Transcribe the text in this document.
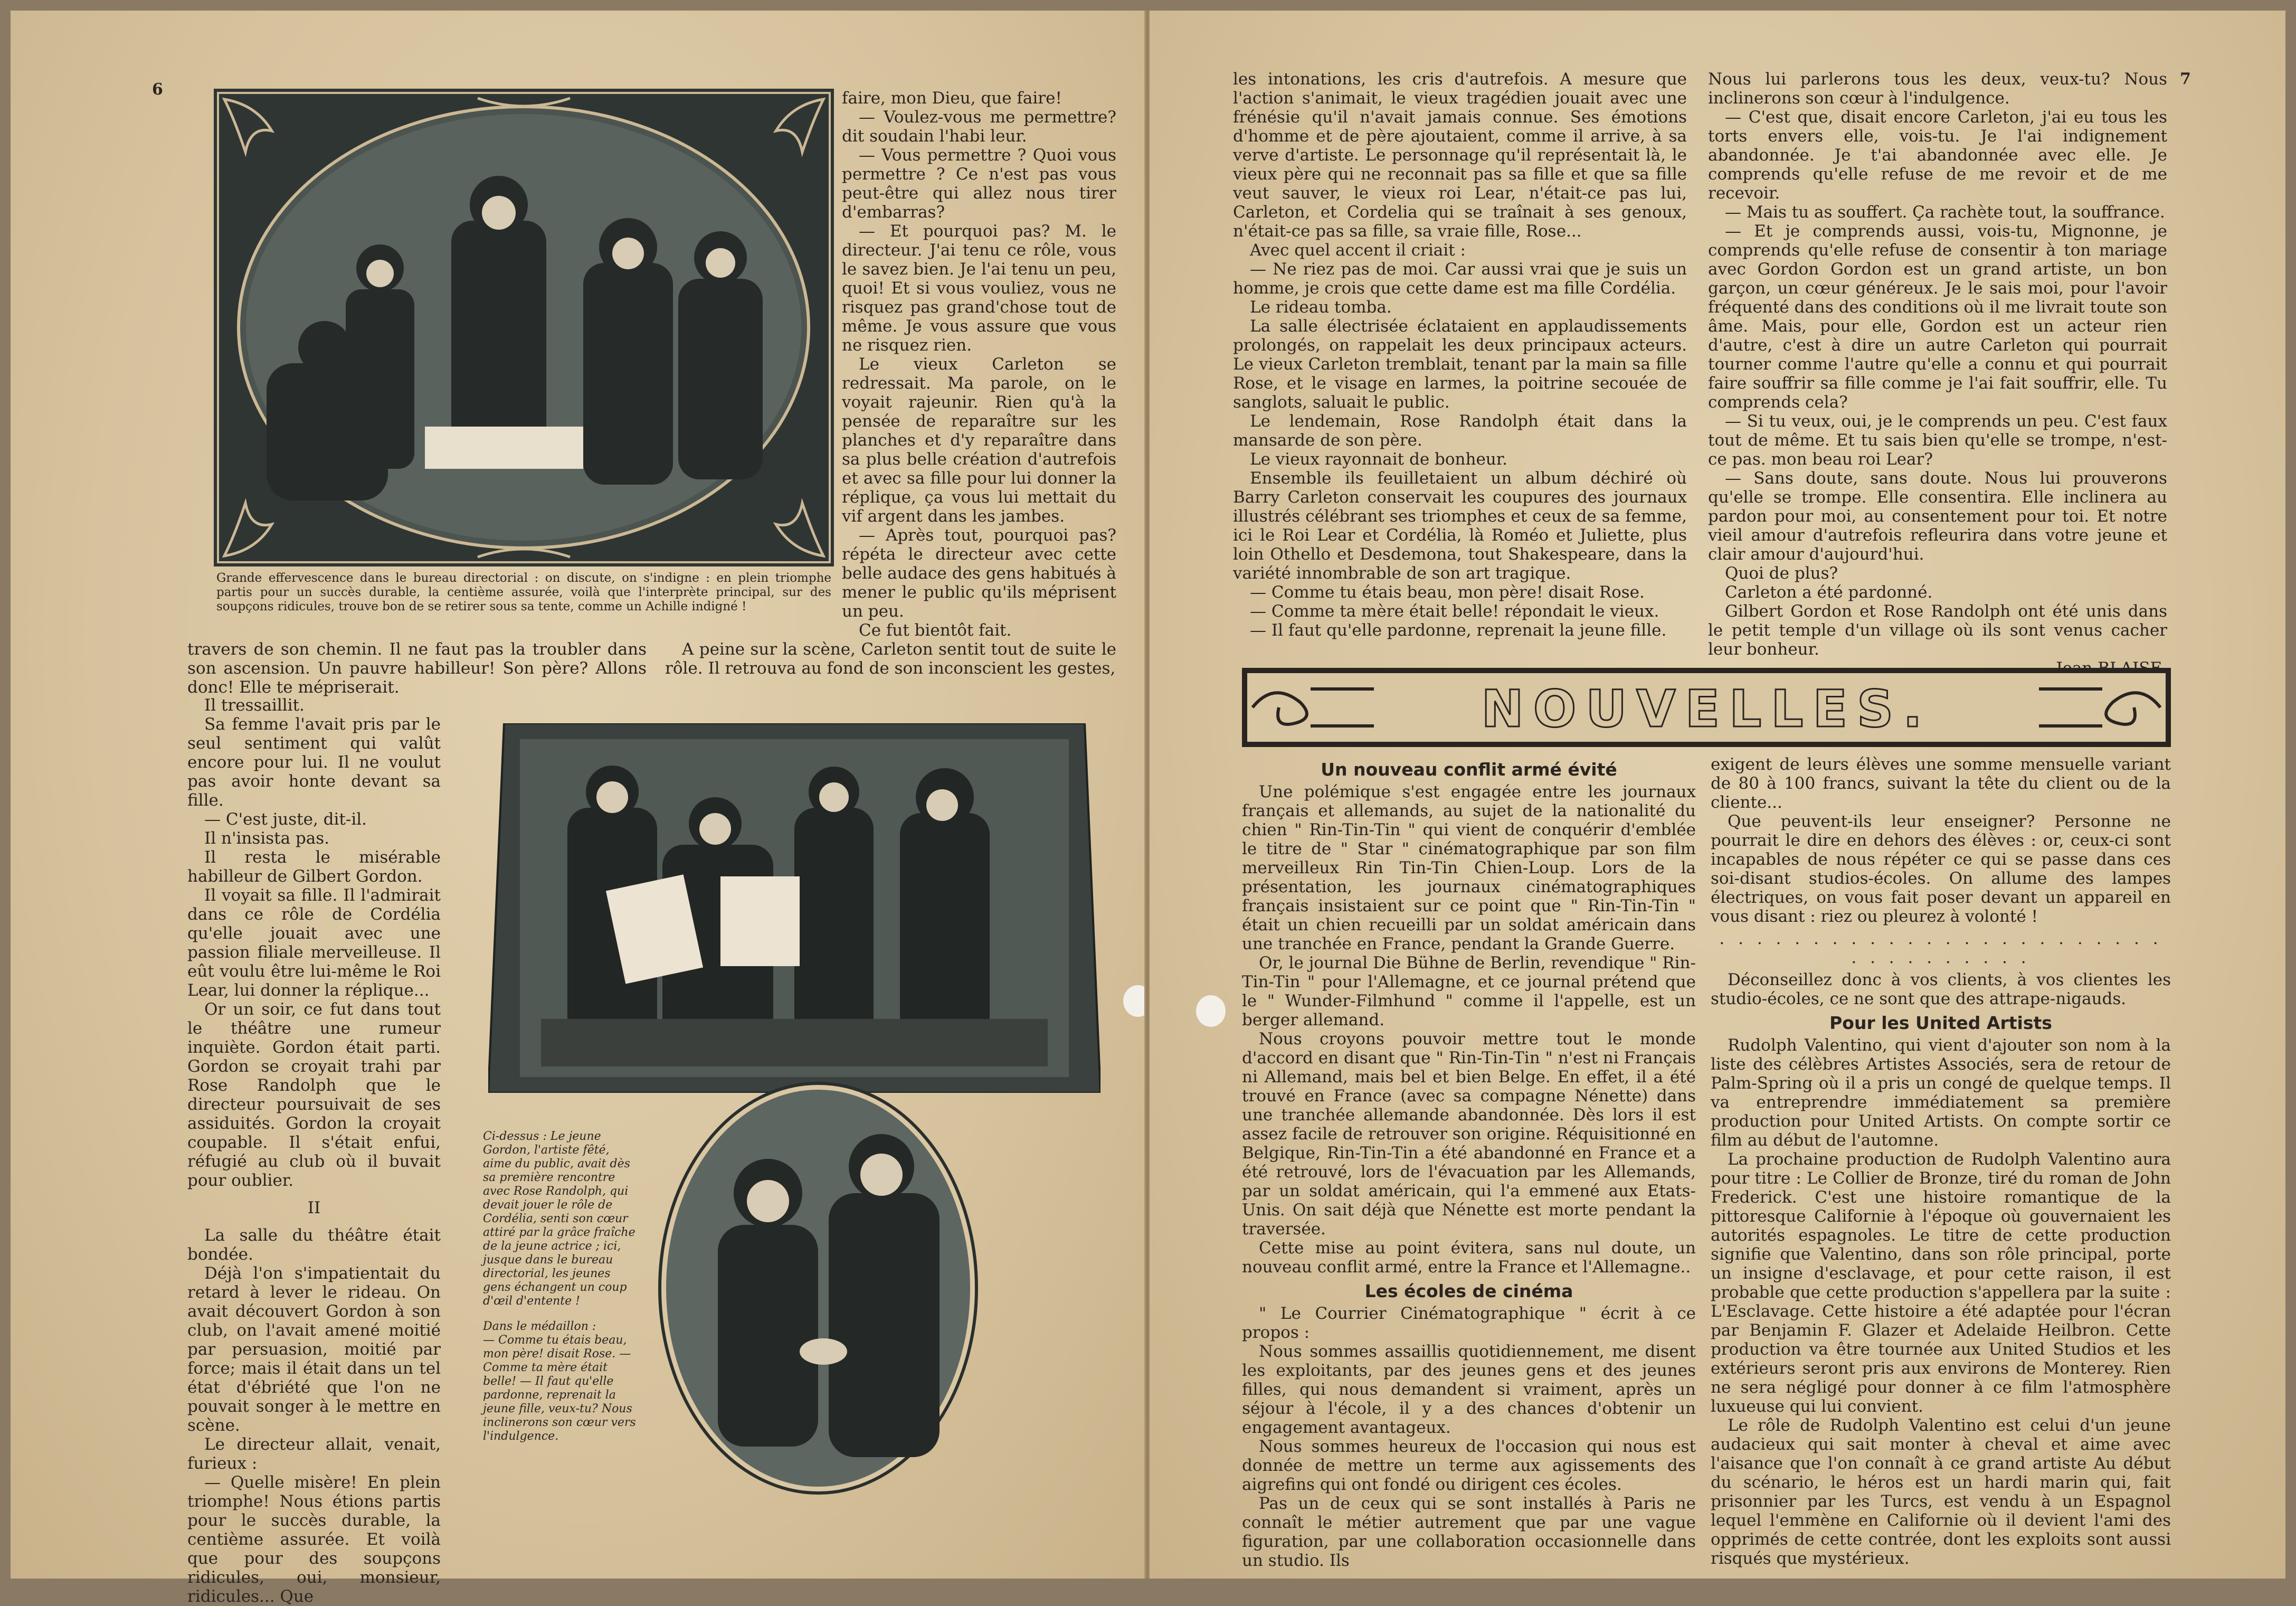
6
Grande effervescence dans le bureau directorial : on discute, on s'indigne : en plein triomphe partis pour un succès durable, la centième assurée, voilà que l'interprète principal, sur des soupçons ridicules, trouve bon de se retirer sous sa tente, comme un Achille indigné !

faire, mon Dieu, que faire!

— Voulez-vous me permettre? dit soudain l'habi leur.

— Vous permettre ? Quoi vous permettre ? Ce n'est pas vous peut-être qui allez nous tirer d'embarras?

— Et pourquoi pas? M. le directeur. J'ai tenu ce rôle, vous le savez bien. Je l'ai tenu un peu, quoi! Et si vous vouliez, vous ne risquez pas grand'chose tout de même. Je vous assure que vous ne risquez rien.

Le vieux Carleton se redressait. Ma parole, on le voyait rajeunir. Rien qu'à la pensée de reparaître sur les planches et d'y reparaître dans sa plus belle création d'autrefois et avec sa fille pour lui donner la réplique, ça vous lui mettait du vif argent dans les jambes.

— Après tout, pourquoi pas? répéta le directeur avec cette belle audace des gens habitués à mener le public qu'ils méprisent un peu.

Ce fut bientôt fait.

A peine sur la scène, Carleton sentit tout de suite le rôle. Il retrouva au fond de son inconscient les gestes,

travers de son chemin. Il ne faut pas la troubler dans son ascension. Un pauvre habilleur! Son père? Allons donc! Elle te mépriserait.

Il tressaillit.

Sa femme l'avait pris par le seul sentiment qui valût encore pour lui. Il ne voulut pas avoir honte devant sa fille.

— C'est juste, dit-il.

Il n'insista pas.

Il resta le misérable habilleur de Gilbert Gordon.

Il voyait sa fille. Il l'admirait dans ce rôle de Cordélia qu'elle jouait avec une passion filiale merveilleuse. Il eût voulu être lui-même le Roi Lear, lui donner la réplique...

Or un soir, ce fut dans tout le théâtre une rumeur inquiète. Gordon était parti. Gordon se croyait trahi par Rose Randolph que le directeur poursuivait de ses assiduités. Gordon la croyait coupable. Il s'était enfui, réfugié au club où il buvait pour oublier.

II

La salle du théâtre était bondée.

Déjà l'on s'impatientait du retard à lever le rideau. On avait découvert Gordon à son club, on l'avait amené moitié par persuasion, moitié par force; mais il était dans un tel état d'ébriété que l'on ne pouvait songer à le mettre en scène.

Le directeur allait, venait, furieux :

— Quelle misère! En plein triomphe! Nous étions partis pour le succès durable, la centième assurée. Et voilà que pour des soupçons ridicules, oui, monsieur, ridicules... Que

Ci-dessus : Le jeune Gordon, l'artiste fêté, aime du public, avait dès sa première rencontre avec Rose Randolph, qui devait jouer le rôle de Cordélia, senti son cœur attiré par la grâce fraîche de la jeune actrice ; ici, jusque dans le bureau directorial, les jeunes gens échangent un coup d'œil d'entente !

Dans le médaillon :

— Comme tu étais beau, mon père! disait Rose. — Comme ta mère était belle! — Il faut qu'elle pardonne, reprenait la jeune fille, veux-tu? Nous inclinerons son cœur vers l'indulgence.

7

les intonations, les cris d'autrefois. A mesure que l'action s'animait, le vieux tragédien jouait avec une frénésie qu'il n'avait jamais connue. Ses émotions d'homme et de père ajoutaient, comme il arrive, à sa verve d'artiste. Le personnage qu'il représentait là, le vieux père qui ne reconnait pas sa fille et que sa fille veut sauver, le vieux roi Lear, n'était-ce pas lui, Carleton, et Cordelia qui se traînait à ses genoux, n'était-ce pas sa fille, sa vraie fille, Rose...

Avec quel accent il criait :

— Ne riez pas de moi. Car aussi vrai que je suis un homme, je crois que cette dame est ma fille Cordélia.

Le rideau tomba.

La salle électrisée éclataient en applaudissements prolongés, on rappelait les deux principaux acteurs. Le vieux Carleton tremblait, tenant par la main sa fille Rose, et le visage en larmes, la poitrine secouée de sanglots, saluait le public.

Le lendemain, Rose Randolph était dans la mansarde de son père.

Le vieux rayonnait de bonheur.

Ensemble ils feuilletaient un album déchiré où Barry Carleton conservait les coupures des journaux illustrés célébrant ses triomphes et ceux de sa femme, ici le Roi Lear et Cordélia, là Roméo et Juliette, plus loin Othello et Desdemona, tout Shakespeare, dans la variété innombrable de son art tragique.

— Comme tu étais beau, mon père! disait Rose.

— Comme ta mère était belle! répondait le vieux.

— Il faut qu'elle pardonne, reprenait la jeune fille.

Nous lui parlerons tous les deux, veux-tu? Nous inclinerons son cœur à l'indulgence.

— C'est que, disait encore Carleton, j'ai eu tous les torts envers elle, vois-tu. Je l'ai indignement abandonnée. Je t'ai abandonnée avec elle. Je comprends qu'elle refuse de me revoir et de me recevoir.

— Mais tu as souffert. Ça rachète tout, la souffrance.

— Et je comprends aussi, vois-tu, Mignonne, je comprends qu'elle refuse de consentir à ton mariage avec Gordon Gordon est un grand artiste, un bon garçon, un cœur généreux. Je le sais moi, pour l'avoir fréquenté dans des conditions où il me livrait toute son âme. Mais, pour elle, Gordon est un acteur rien d'autre, c'est à dire un autre Carleton qui pourrait tourner comme l'autre qu'elle a connu et qui pourrait faire souffrir sa fille comme je l'ai fait souffrir, elle. Tu comprends cela?

— Si tu veux, oui, je le comprends un peu. C'est faux tout de même. Et tu sais bien qu'elle se trompe, n'est-ce pas. mon beau roi Lear?

— Sans doute, sans doute. Nous lui prouverons qu'elle se trompe. Elle consentira. Elle inclinera au pardon pour moi, au consentement pour toi. Et notre vieil amour d'autrefois refleurira dans votre jeune et clair amour d'aujourd'hui.

Quoi de plus?

Carleton a été pardonné.

Gilbert Gordon et Rose Randolph ont été unis dans le petit temple d'un village où ils sont venus cacher leur bonheur.

NOUVELLES.
Un nouveau conflit armé évité

Une polémique s'est engagée entre les journaux français et allemands, au sujet de la nationalité du chien " Rin-Tin-Tin " qui vient de conquérir d'emblée le titre de " Star " cinématographique par son film merveilleux Rin Tin-Tin Chien-Loup. Lors de la présentation, les journaux cinématographiques français insistaient sur ce point que " Rin-Tin-Tin " était un chien recueilli par un soldat américain dans une tranchée en France, pendant la Grande Guerre.

Or, le journal Die Bühne de Berlin, revendique " Rin-Tin-Tin " pour l'Allemagne, et ce journal prétend que le " Wunder-Filmhund " comme il l'appelle, est un berger allemand.

Nous croyons pouvoir mettre tout le monde d'accord en disant que " Rin-Tin-Tin " n'est ni Français ni Allemand, mais bel et bien Belge. En effet, il a été trouvé en France (avec sa compagne Nénette) dans une tranchée allemande abandonnée. Dès lors il est assez facile de retrouver son origine. Réquisitionné en Belgique, Rin-Tin-Tin a été abandonné en France et a été retrouvé, lors de l'évacuation par les Allemands, par un soldat américain, qui l'a emmené aux Etats-Unis. On sait déjà que Nénette est morte pendant la traversée.

Cette mise au point évitera, sans nul doute, un nouveau conflit armé, entre la France et l'Allemagne..

Les écoles de cinéma

" Le Courrier Cinématographique " écrit à ce propos :

Nous sommes assaillis quotidiennement, me disent les exploitants, par des jeunes gens et des jeunes filles, qui nous demandent si vraiment, après un séjour à l'école, il y a des chances d'obtenir un engagement avantageux.

Nous sommes heureux de l'occasion qui nous est donnée de mettre un terme aux agissements des aigrefins qui ont fondé ou dirigent ces écoles.

Pas un de ceux qui se sont installés à Paris ne connaît le métier autrement que par une vague figuration, par une collaboration occasionnelle dans un studio. Ils

exigent de leurs élèves une somme mensuelle variant de 80 à 100 francs, suivant la tête du client ou de la cliente...

Que peuvent-ils leur enseigner? Personne ne pourrait le dire en dehors des élèves : or, ceux-ci sont incapables de nous répéter ce qui se passe dans ces soi-disant studios-écoles. On allume des lampes électriques, on vous fait poser devant un appareil en vous disant : riez ou pleurez à volonté !

. . . . . . . . . . . . . . . . . . . . . . . . . . . . . . . . . .

Déconseillez donc à vos clients, à vos clientes les studio-écoles, ce ne sont que des attrape-nigauds.

Pour les United Artists

Rudolph Valentino, qui vient d'ajouter son nom à la liste des célèbres Artistes Associés, sera de retour de Palm-Spring où il a pris un congé de quelque temps. Il va entreprendre immédiatement sa première production pour United Artists. On compte sortir ce film au début de l'automne.

La prochaine production de Rudolph Valentino aura pour titre : Le Collier de Bronze, tiré du roman de John Frederick. C'est une histoire romantique de la pittoresque Californie à l'époque où gouvernaient les autorités espagnoles. Le titre de cette production signifie que Valentino, dans son rôle principal, porte un insigne d'esclavage, et pour cette raison, il est probable que cette production s'appellera par la suite : L'Esclavage. Cette histoire a été adaptée pour l'écran par Benjamin F. Glazer et Adelaide Heilbron. Cette production va être tournée aux United Studios et les extérieurs seront pris aux environs de Monterey. Rien ne sera négligé pour donner à ce film l'atmosphère luxueuse qui lui convient.

Le rôle de Rudolph Valentino est celui d'un jeune audacieux qui sait monter à cheval et aime avec l'aisance que l'on connaît à ce grand artiste Au début du scénario, le héros est un hardi marin qui, fait prisonnier par les Turcs, est vendu à un Espagnol lequel l'emmène en Californie où il devient l'ami des opprimés de cette contrée, dont les exploits sont aussi risqués que mystérieux.
